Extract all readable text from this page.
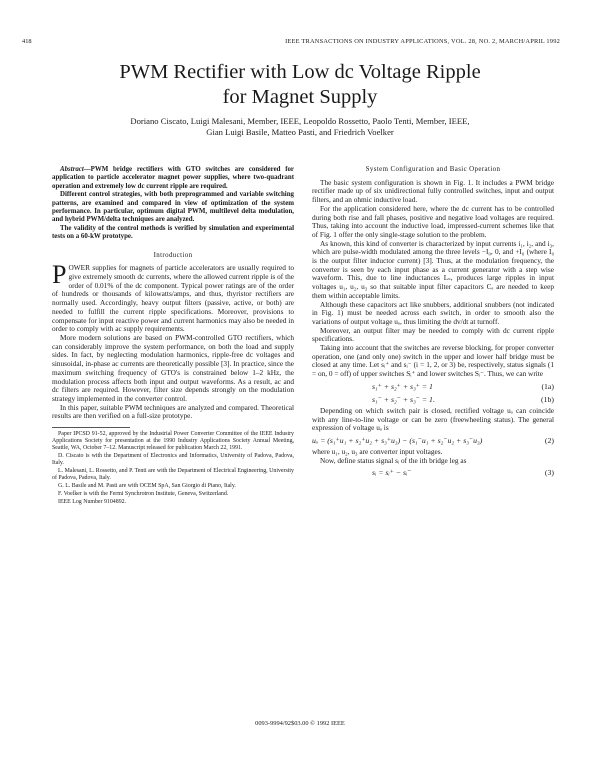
418	IEEE TRANSACTIONS ON INDUSTRY APPLICATIONS, VOL. 28, NO. 2, MARCH/APRIL 1992
PWM Rectifier with Low dc Voltage Ripple
for Magnet Supply
Doriano Ciscato, Luigi Malesani, Member, IEEE, Leopoldo Rossetto, Paolo Tenti, Member, IEEE,
Gian Luigi Basile, Matteo Pasti, and Friedrich Voelker

Abstract—PWM bridge rectifiers with GTO switches are considered for application to particle accelerator magnet power supplies, where two-quadrant operation and extremely low dc current ripple are required.

Different control strategies, with both preprogrammed and variable switching patterns, are examined and compared in view of optimization of the system performance. In particular, optimum digital PWM, multilevel delta modulation, and hybrid PWM/delta techniques are analyzed.

The validity of the control methods is verified by simulation and experimental tests on a 60-kW prototype.

Introduction

POWER supplies for magnets of particle accelerators are usually required to give extremely smooth dc currents, where the allowed current ripple is of the order of 0.01% of the dc component. Typical power ratings are of the order of hundreds or thousands of kilowatts/amps, and thus, thyristor rectifiers are normally used. Accordingly, heavy output filters (passive, active, or both) are needed to fulfill the current ripple specifications. Moreover, provisions to compensate for input reactive power and current harmonics may also be needed in order to comply with ac supply requirements.

More modern solutions are based on PWM-controlled GTO rectifiers, which can considerably improve the system performance, on both the load and supply sides. In fact, by neglecting modulation harmonics, ripple-free dc voltages and sinusoidal, in-phase ac currents are theoretically possible [3]. In practice, since the maximum switching frequency of GTO's is constrained below 1–2 kHz, the modulation process affects both input and output waveforms. As a result, ac and dc filters are required. However, filter size depends strongly on the modulation strategy implemented in the converter control.

In this paper, suitable PWM techniques are analyzed and compared. Theoretical results are then verified on a full-size prototype.

Paper IPCSD 91-52, approved by the Industrial Power Converter Committee of the IEEE Industry Applications Society for presentation at the 1990 Industry Applications Society Annual Meeting, Seattle, WA, October 7–12. Manuscript released for publication March 22, 1991.

D. Ciscato is with the Department of Electronics and Informatics, University of Padova, Padova, Italy.

L. Malesani, L. Rossetto, and P. Tenti are with the Department of Electrical Engineering, University of Padova, Padova, Italy.

G. L. Basile and M. Pasti are with OCEM SpA, San Giorgio di Piano, Italy.

F. Voelker is with the Fermi Synchrotron Institute, Geneva, Switzerland.

IEEE Log Number 9104892.

System Configuration and Basic Operation

The basic system configuration is shown in Fig. 1. It includes a PWM bridge rectifier made up of six unidirectional fully controlled switches, input and output filters, and an ohmic inductive load.

For the application considered here, where the dc current has to be controlled during both rise and fall phases, positive and negative load voltages are required. Thus, taking into account the inductive load, impressed-current schemes like that of Fig. 1 offer the only single-stage solution to the problem.

As known, this kind of converter is characterized by input currents i₁, i₂, and i₃, which are pulse-width modulated among the three levels −I₀, 0, and +I₀ (where I₀ is the output filter inductor current) [3]. Thus, at the modulation frequency, the converter is seen by each input phase as a current generator with a step wise waveform. This, due to line inductances Lₛ, produces large ripples in input voltages u₁, u₂, u₃ so that suitable input filter capacitors Cₑ are needed to keep them within acceptable limits.

Although these capacitors act like snubbers, additional snubbers (not indicated in Fig. 1) must be needed across each switch, in order to smooth also the variations of output voltage uₒ, thus limiting the dv/dt at turnoff.

Moreover, an output filter may be needed to comply with dc current ripple specifications.

Taking into account that the switches are reverse blocking, for proper converter operation, one (and only one) switch in the upper and lower half bridge must be closed at any time. Let sᵢ⁺ and sᵢ⁻ (i = 1, 2, or 3) be, respectively, status signals (1 = on, 0 = off) of upper switches Sᵢ⁺ and lower switches Sᵢ⁻. Thus, we can write

s₁⁺ + s₂⁺ + s₃⁺ = 1	(1a)
s₁⁻ + s₂⁻ + s₃⁻ = 1.	(1b)

Depending on which switch pair is closed, rectified voltage uₒ can coincide with any line-to-line voltage or can be zero (freewheeling status). The general expression of voltage uₒ is

uₒ = (s₁⁺u₁ + s₂⁺u₂ + s₃⁺u₃) − (s₁⁻u₁ + s₂⁻u₂ + s₃⁻u₃)	(2)

where u₁, u₂, u₃ are converter input voltages.

Now, define status signal sᵢ of the ith bridge leg as

sᵢ = sᵢ⁺ − sᵢ⁻	(3)
0093-9994/92$03.00 © 1992 IEEE
